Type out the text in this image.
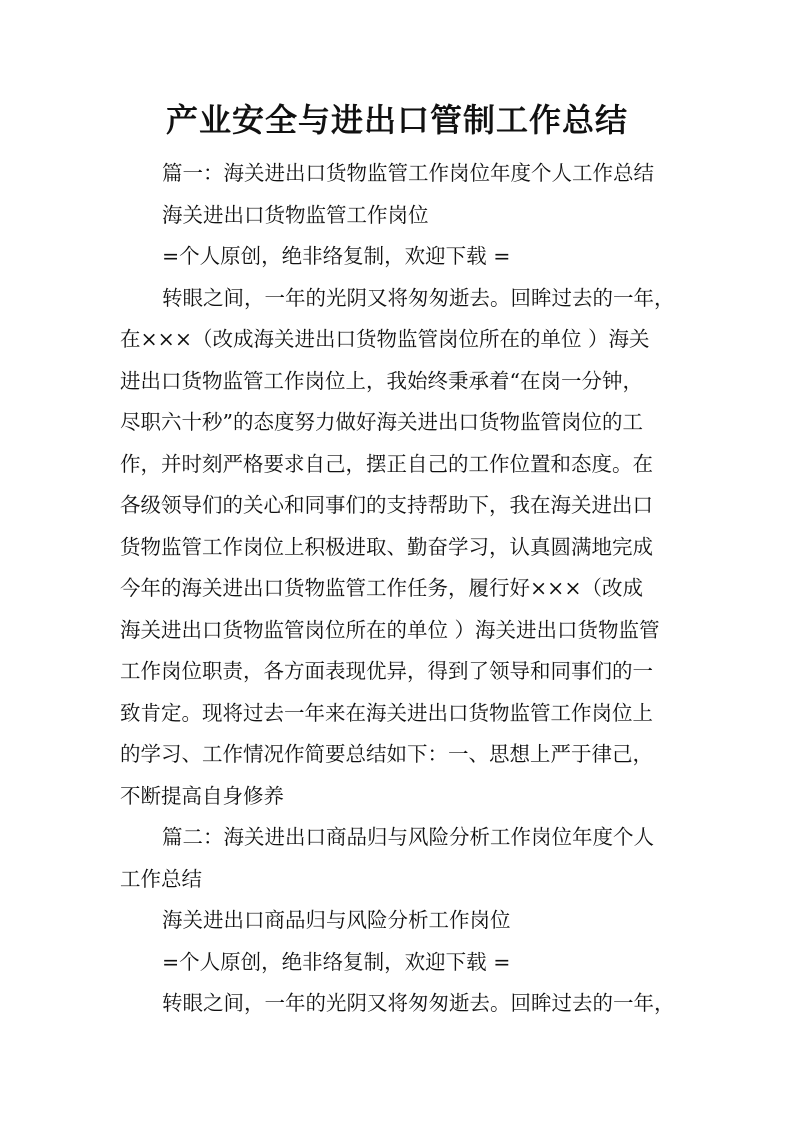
产业安全与进出口管制工作总结
篇一：海关进出口货物监管工作岗位年度个人工作总结
海关进出口货物监管工作岗位
=个人原创，绝非络复制，欢迎下载 =
转眼之间，一年的光阴又将匆匆逝去。回眸过去的一年，
在×××（改成海关进出口货物监管岗位所在的单位 ）海关
进出口货物监管工作岗位上，我始终秉承着“在岗一分钟，
尽职六十秒”的态度努力做好海关进出口货物监管岗位的工
作，并时刻严格要求自己，摆正自己的工作位置和态度。在
各级领导们的关心和同事们的支持帮助下，我在海关进出口
货物监管工作岗位上积极进取、勤奋学习，认真圆满地完成
今年的海关进出口货物监管工作任务，履行好×××（改成
海关进出口货物监管岗位所在的单位 ）海关进出口货物监管
工作岗位职责，各方面表现优异，得到了领导和同事们的一
致肯定。现将过去一年来在海关进出口货物监管工作岗位上
的学习、工作情况作简要总结如下：一、思想上严于律己，
不断提高自身修养
篇二：海关进出口商品归与风险分析工作岗位年度个人
工作总结
海关进出口商品归与风险分析工作岗位
=个人原创，绝非络复制，欢迎下载 =
转眼之间，一年的光阴又将匆匆逝去。回眸过去的一年，
